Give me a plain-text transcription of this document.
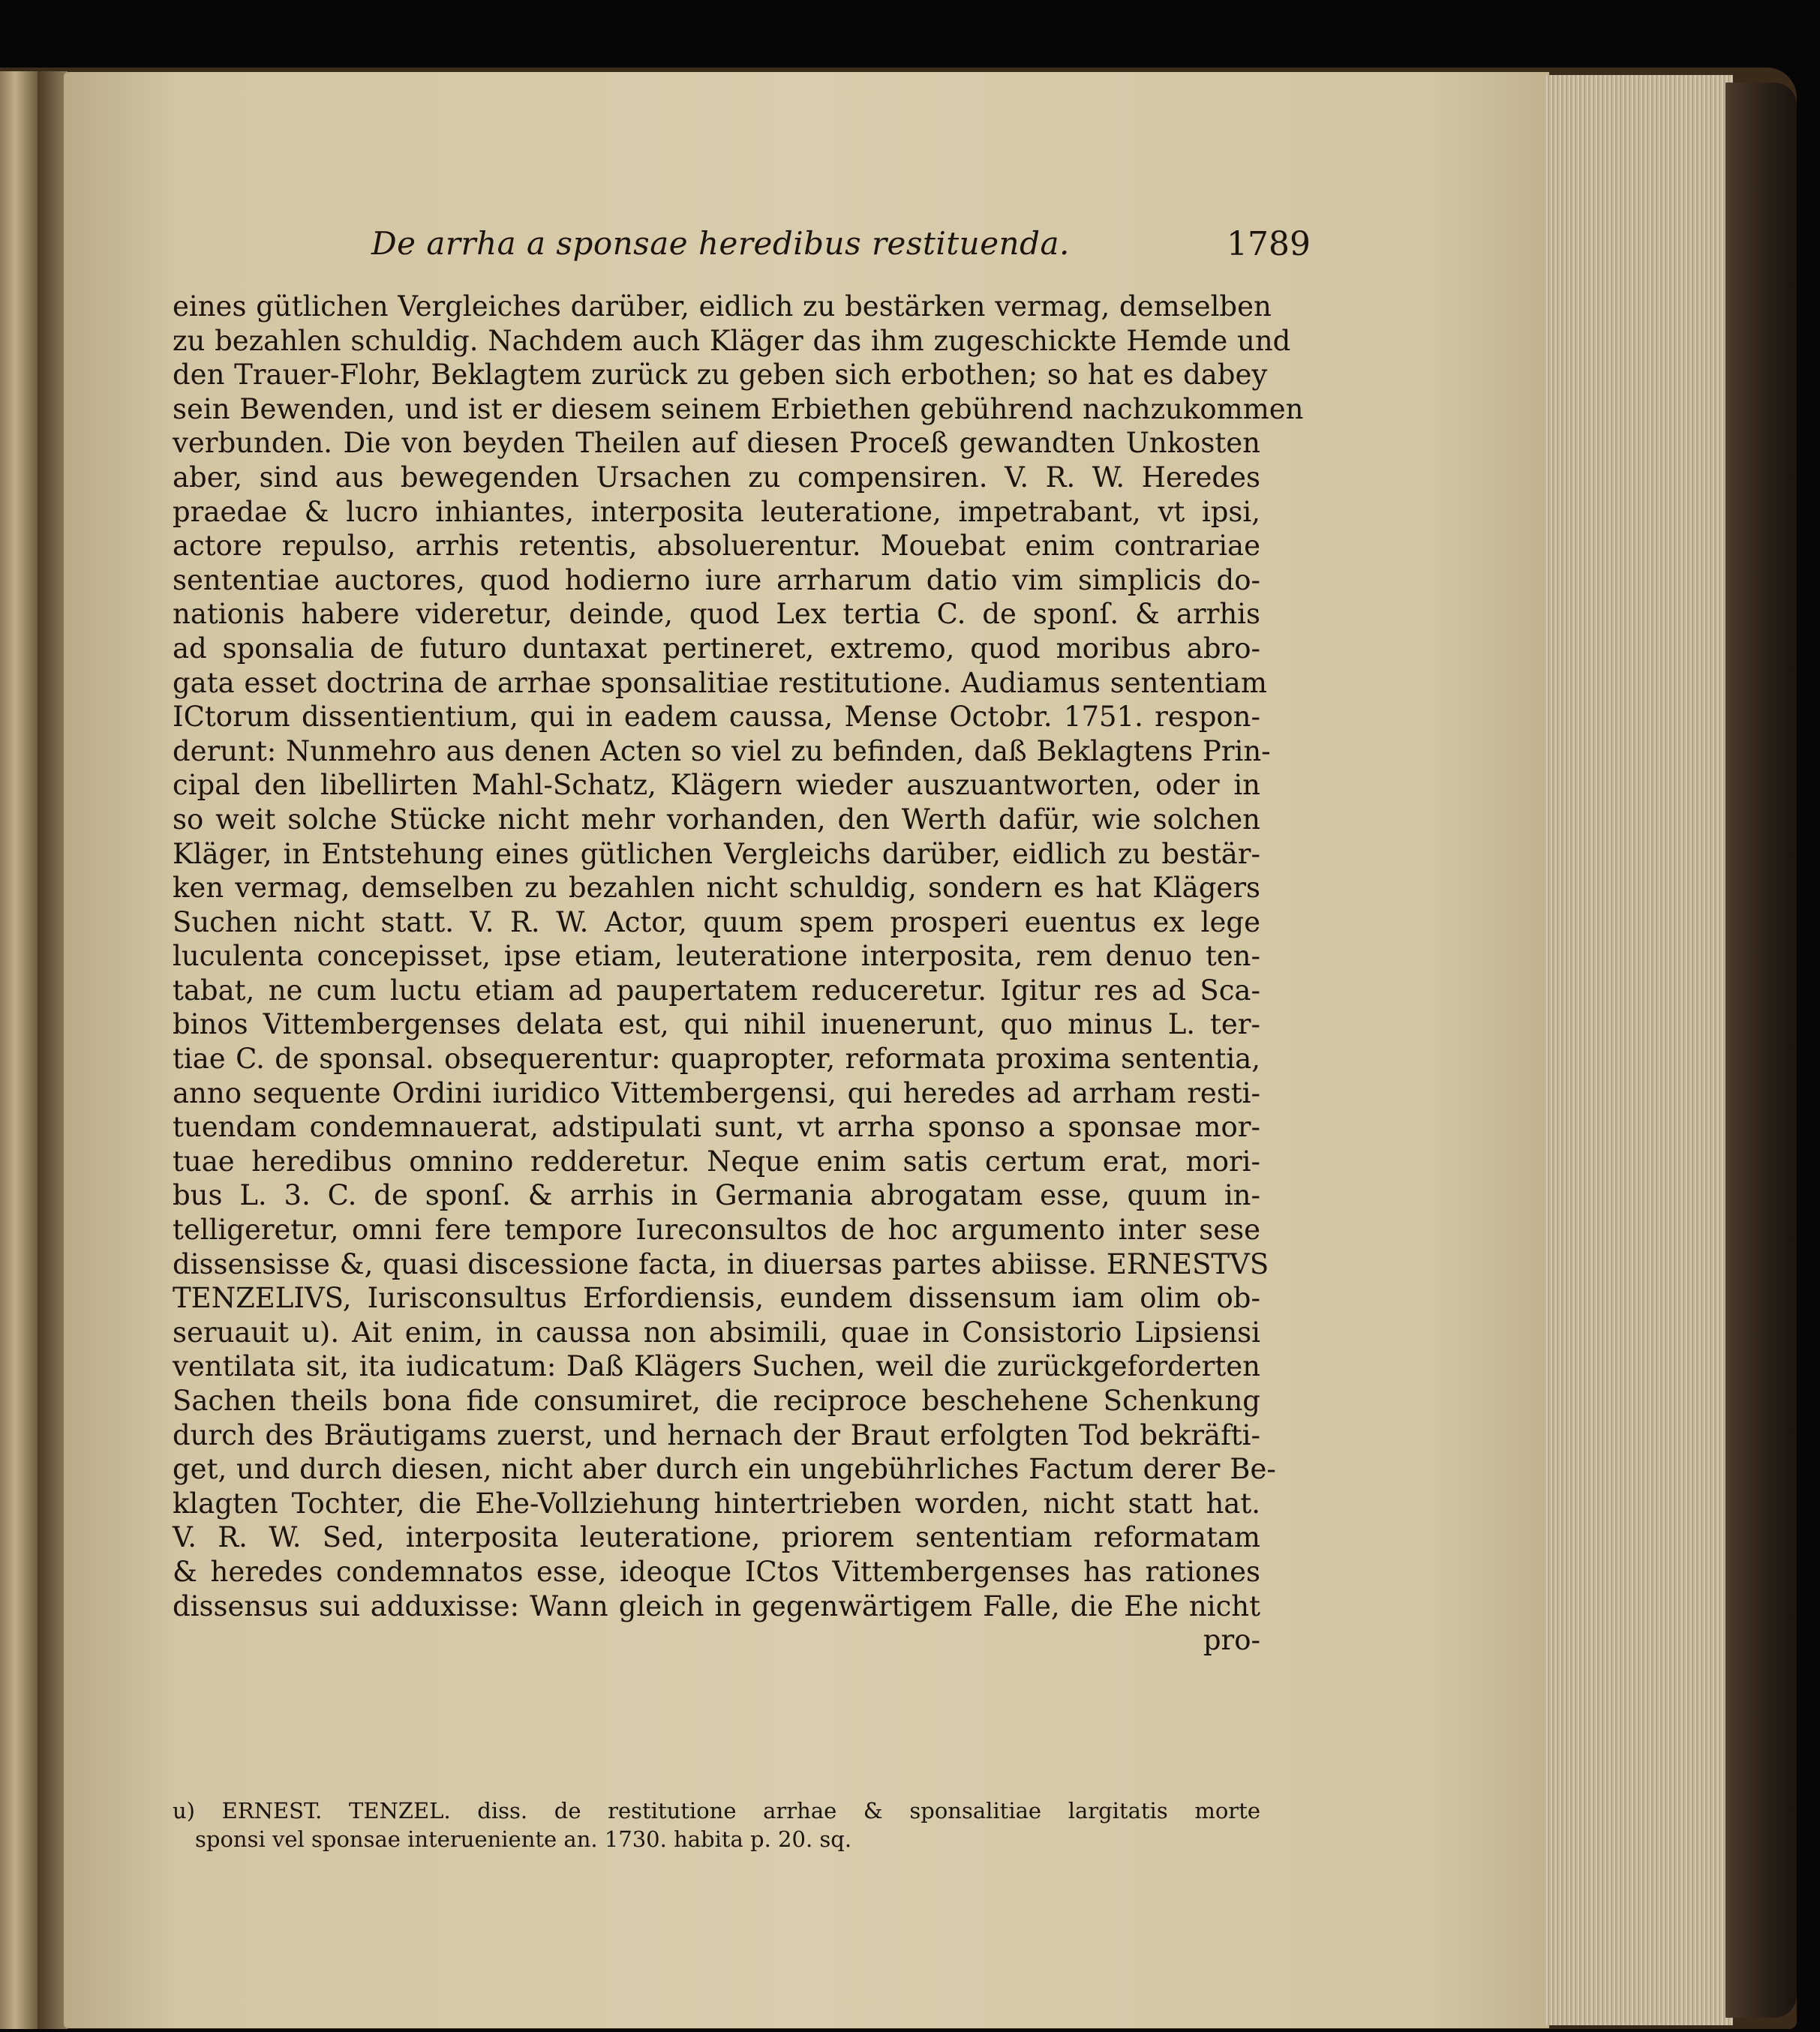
De arrha a sponsae heredibus restituenda.	1789
eines gütlichen Vergleiches darüber, eidlich zu bestärken vermag, demselben
zu bezahlen schuldig. Nachdem auch Kläger das ihm zugeschickte Hemde und
den Trauer-Flohr, Beklagtem zurück zu geben sich erbothen; so hat es dabey
sein Bewenden, und ist er diesem seinem Erbiethen gebührend nachzukommen
verbunden. Die von beyden Theilen auf diesen Proceß gewandten Unkosten
aber, sind aus bewegenden Ursachen zu compensiren. V. R. W. Heredes
praedae & lucro inhiantes, interposita leuteratione, impetrabant, vt ipsi,
actore repulso, arrhis retentis, absoluerentur. Mouebat enim contrariae
sententiae auctores, quod hodierno iure arrharum datio vim simplicis do-
nationis habere videretur, deinde, quod Lex tertia C. de sponſ. & arrhis
ad sponsalia de futuro duntaxat pertineret, extremo, quod moribus abro-
gata esset doctrina de arrhae sponsalitiae restitutione. Audiamus sententiam
ICtorum dissentientium, qui in eadem caussa, Mense Octobr. 1751. respon-
derunt: Nunmehro aus denen Acten so viel zu befinden, daß Beklagtens Prin-
cipal den libellirten Mahl-Schatz, Klägern wieder auszuantworten, oder in
so weit solche Stücke nicht mehr vorhanden, den Werth dafür, wie solchen
Kläger, in Entstehung eines gütlichen Vergleichs darüber, eidlich zu bestär-
ken vermag, demselben zu bezahlen nicht schuldig, sondern es hat Klägers
Suchen nicht statt. V. R. W. Actor, quum spem prosperi euentus ex lege
luculenta concepisset, ipse etiam, leuteratione interposita, rem denuo ten-
tabat, ne cum luctu etiam ad paupertatem reduceretur. Igitur res ad Sca-
binos Vittembergenses delata est, qui nihil inuenerunt, quo minus L. ter-
tiae C. de sponsal. obsequerentur: quapropter, reformata proxima sententia,
anno sequente Ordini iuridico Vittembergensi, qui heredes ad arrham resti-
tuendam condemnauerat, adstipulati sunt, vt arrha sponso a sponsae mor-
tuae heredibus omnino redderetur. Neque enim satis certum erat, mori-
bus L. 3. C. de sponſ. & arrhis in Germania abrogatam esse, quum in-
telligeretur, omni fere tempore Iureconsultos de hoc argumento inter sese
dissensisse &, quasi discessione facta, in diuersas partes abiisse. ERNESTVS
TENZELIVS, Iurisconsultus Erfordiensis, eundem dissensum iam olim ob-
seruauit u). Ait enim, in caussa non absimili, quae in Consistorio Lipsiensi
ventilata sit, ita iudicatum: Daß Klägers Suchen, weil die zurückgeforderten
Sachen theils bona fide consumiret, die reciproce beschehene Schenkung
durch des Bräutigams zuerst, und hernach der Braut erfolgten Tod bekräfti-
get, und durch diesen, nicht aber durch ein ungebührliches Factum derer Be-
klagten Tochter, die Ehe-Vollziehung hintertrieben worden, nicht statt hat.
V. R. W. Sed, interposita leuteratione, priorem sententiam reformatam
& heredes condemnatos esse, ideoque ICtos Vittembergenses has rationes
dissensus sui adduxisse: Wann gleich in gegenwärtigem Falle, die Ehe nicht
pro-
u) ERNEST. TENZEL. diss. de restitutione arrhae & sponsalitiae largitatis morte
sponsi vel sponsae interueniente an. 1730. habita p. 20. sq.
